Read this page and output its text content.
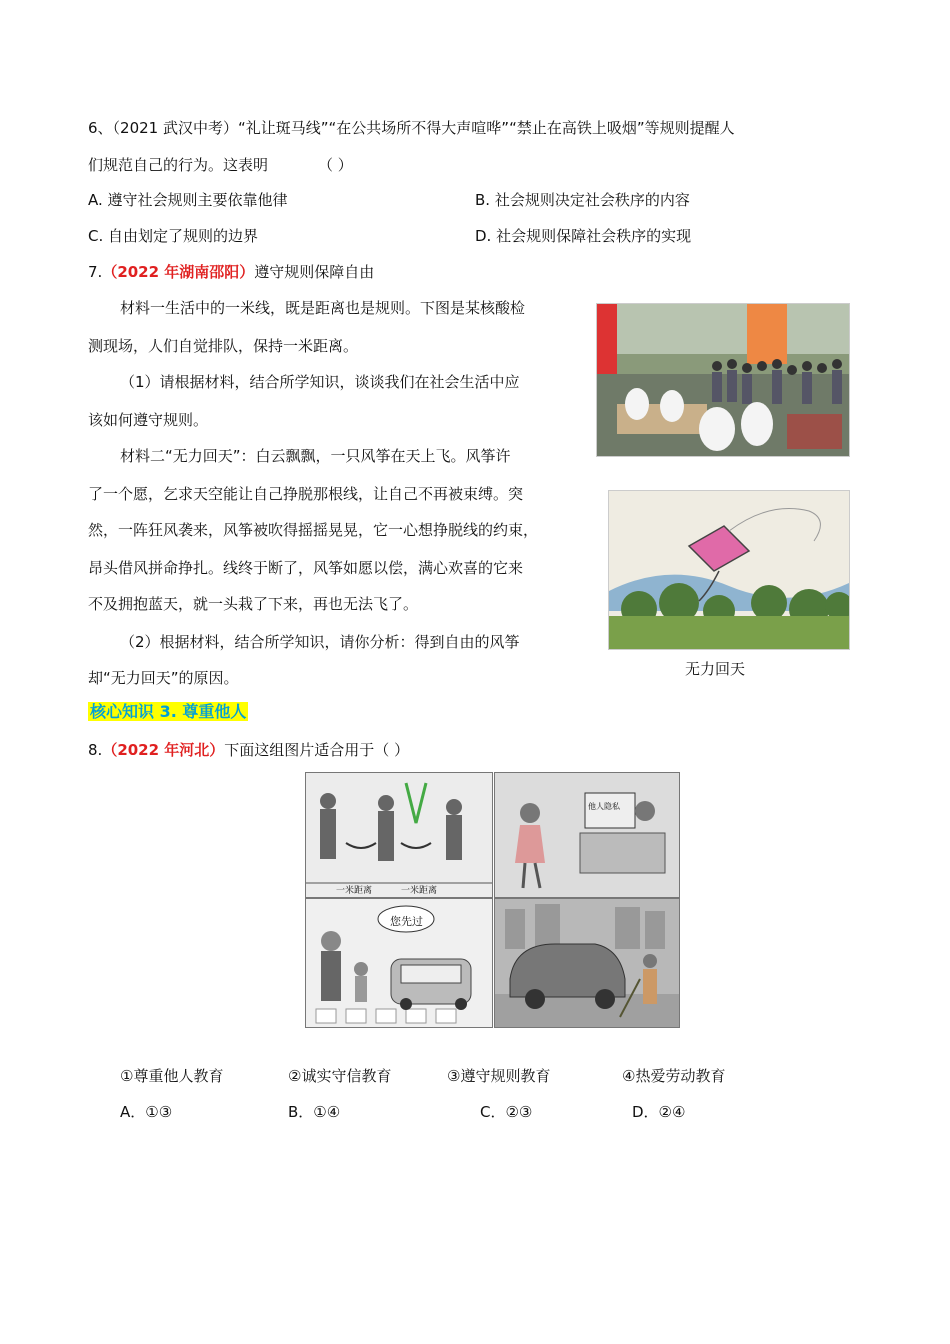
6、（2021 武汉中考）“礼让斑马线”“在公共场所不得大声喧哗”“禁止在高铁上吸烟”等规则提醒人
们规范自己的行为。这表明	（ ）
A. 遵守社会规则主要依靠他律	B. 社会规则决定社会秩序的内容
C. 自由划定了规则的边界	D. 社会规则保障社会秩序的实现
7.（2022 年湖南邵阳）遵守规则保障自由
材料一生活中的一米线，既是距离也是规则。下图是某核酸检
测现场，人们自觉排队，保持一米距离。
（1）请根据材料，结合所学知识，谈谈我们在社会生活中应
该如何遵守规则。
材料二“无力回天”：白云飘飘，一只风筝在天上飞。风筝许
了一个愿，乞求天空能让自己挣脱那根线，让自己不再被束缚。突
然，一阵狂风袭来，风筝被吹得摇摇晃晃，它一心想挣脱线的约束，
昂头借风拼命挣扎。线终于断了，风筝如愿以偿，满心欢喜的它来
不及拥抱蓝天，就一头栽了下来，再也无法飞了。
（2）根据材料，结合所学知识，请你分析：得到自由的风筝
却“无力回天”的原因。	无力回天
核心知识 3. 尊重他人
8.（2022 年河北）下面这组图片适合用于（ ）
一米距离	一米距离
他人隐私
您先过
①尊重他人教育	②诚实守信教育	③遵守规则教育	④热爱劳动教育
A．①③	B．①④	C．②③	D．②④
